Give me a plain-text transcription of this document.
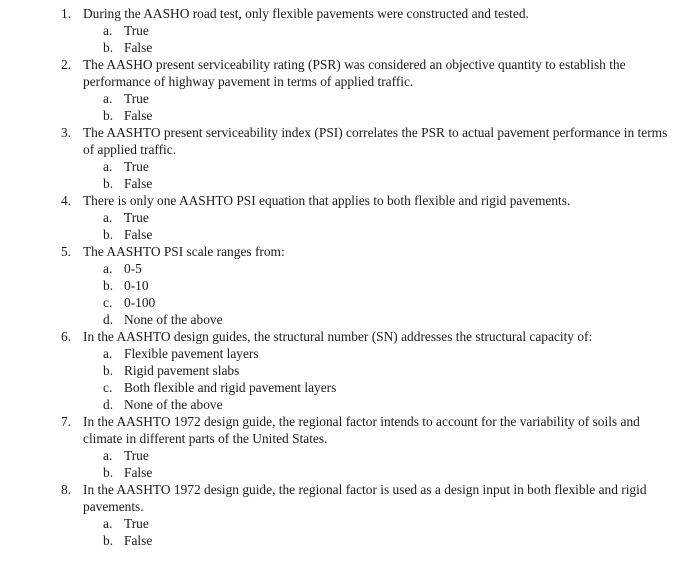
1. During the AASHO road test, only flexible pavements were constructed and tested.
a. True
b. False
2. The AASHO present serviceability rating (PSR) was considered an objective quantity to establish the performance of highway pavement in terms of applied traffic.
a. True
b. False
3. The AASHTO present serviceability index (PSI) correlates the PSR to actual pavement performance in terms of applied traffic.
a. True
b. False
4. There is only one AASHTO PSI equation that applies to both flexible and rigid pavements.
a. True
b. False
5. The AASHTO PSI scale ranges from:
a. 0-5
b. 0-10
c. 0-100
d. None of the above
6. In the AASHTO design guides, the structural number (SN) addresses the structural capacity of:
a. Flexible pavement layers
b. Rigid pavement slabs
c. Both flexible and rigid pavement layers
d. None of the above
7. In the AASHTO 1972 design guide, the regional factor intends to account for the variability of soils and climate in different parts of the United States.
a. True
b. False
8. In the AASHTO 1972 design guide, the regional factor is used as a design input in both flexible and rigid pavements.
a. True
b. False
